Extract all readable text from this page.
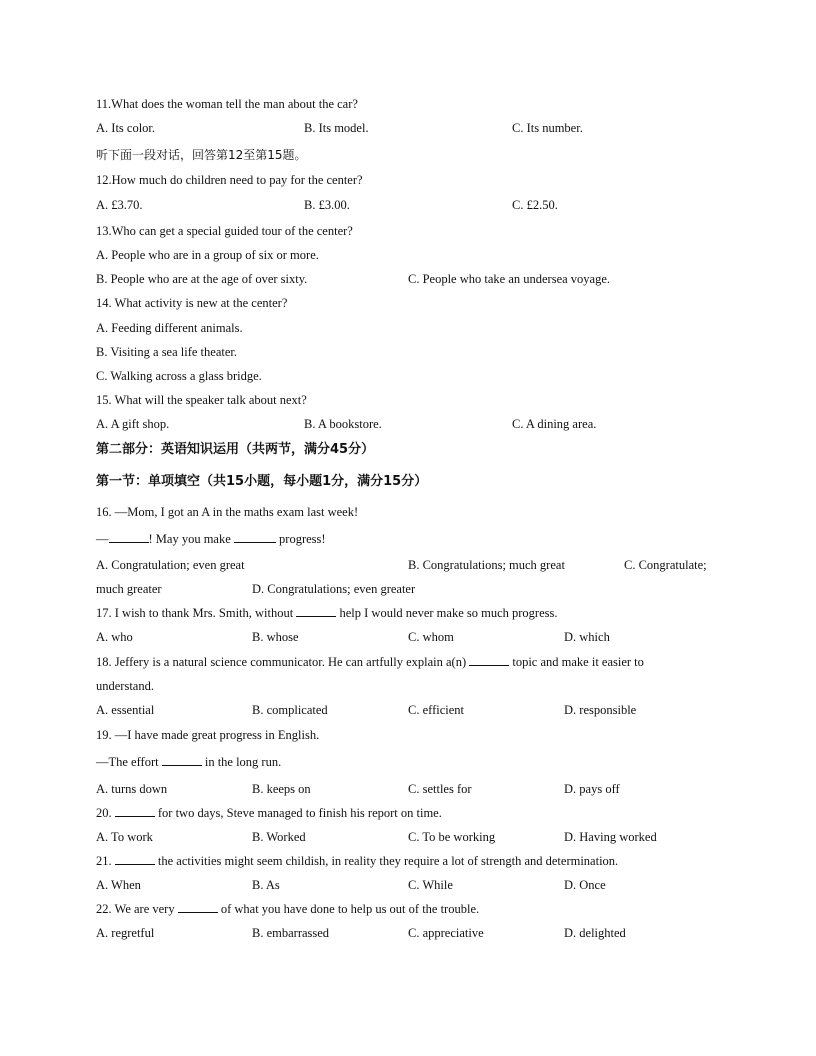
11.What does the woman tell the man about the car?
A. Its color.	B. Its model.	C. Its number.
听下面一段对话，回答第12至第15题。
12.How much do children need to pay for the center?
A. £3.70.	B. £3.00.	C. £2.50.
13.Who can get a special guided tour of the center?
A. People who are in a group of six or more.
B. People who are at the age of over sixty.	C. People who take an undersea voyage.
14. What activity is new at the center?
A. Feeding different animals.
B. Visiting a sea life theater.
C. Walking across a glass bridge.
15. What will the speaker talk about next?
A. A gift shop.	B. A bookstore.	C. A dining area.
第二部分：英语知识运用（共两节，满分45分）
第一节：单项填空（共15小题，每小题1分，满分15分）
16. —Mom, I got an A in the maths exam last week!
—	! May you make	progress!
A. Congratulation; even great	B. Congratulations; much great	C. Congratulate;
much greater	D. Congratulations; even greater
17. I wish to thank Mrs. Smith, without	help I would never make so much progress.
A. who	B. whose	C. whom	D. which
18. Jeffery is a natural science communicator. He can artfully explain a(n)	topic and make it easier to
understand.
A. essential	B. complicated	C. efficient	D. responsible
19. —I have made great progress in English.
—The effort	in the long run.
A. turns down	B. keeps on	C. settles for	D. pays off
20.	for two days, Steve managed to finish his report on time.
A. To work	B. Worked	C. To be working	D. Having worked
21.	the activities might seem childish, in reality they require a lot of strength and determination.
A. When	B. As	C. While	D. Once
22. We are very	of what you have done to help us out of the trouble.
A. regretful	B. embarrassed	C. appreciative	D. delighted
